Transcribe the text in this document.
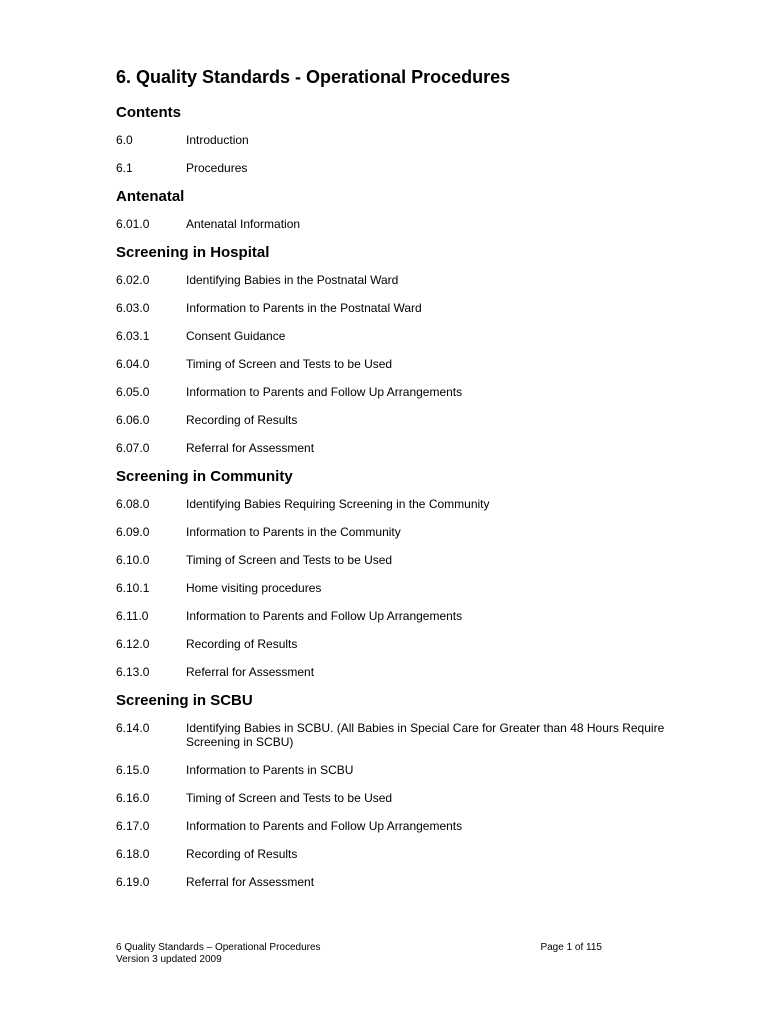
6. Quality Standards - Operational Procedures
Contents
6.0	Introduction
6.1	Procedures
Antenatal
6.01.0	Antenatal Information
Screening in Hospital
6.02.0	Identifying Babies in the Postnatal Ward
6.03.0	Information to Parents in the Postnatal Ward
6.03.1	Consent Guidance
6.04.0	Timing of Screen and Tests to be Used
6.05.0	Information to Parents and Follow Up Arrangements
6.06.0	Recording of Results
6.07.0	Referral for Assessment
Screening in Community
6.08.0	Identifying Babies Requiring Screening in the Community
6.09.0	Information to Parents in the Community
6.10.0	Timing of Screen and Tests to be Used
6.10.1	Home visiting procedures
6.11.0	Information to Parents and Follow Up Arrangements
6.12.0	Recording of Results
6.13.0	Referral for Assessment
Screening in SCBU
6.14.0	Identifying Babies in SCBU. (All Babies in Special Care for Greater than 48 Hours Require Screening in SCBU)
6.15.0	Information to Parents in SCBU
6.16.0	Timing of Screen and Tests to be Used
6.17.0	Information to Parents and Follow Up Arrangements
6.18.0	Recording of Results
6.19.0	Referral for Assessment
6 Quality Standards – Operational Procedures	Page 1 of 115
Version 3 updated 2009
